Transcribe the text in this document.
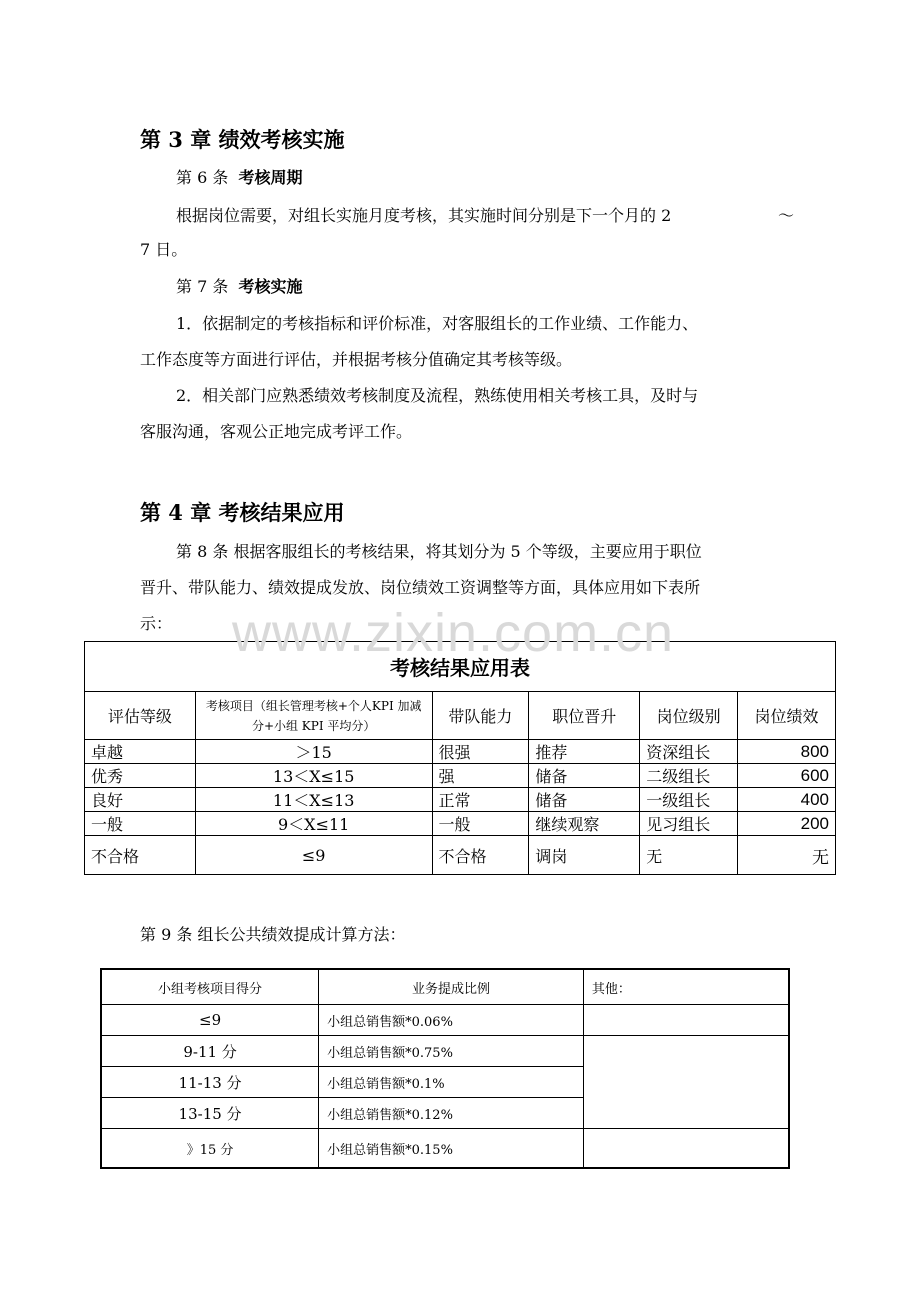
第 3 章 绩效考核实施
第 6 条 考核周期
根据岗位需要，对组长实施月度考核，其实施时间分别是下一个月的 2	～
7 日。
第 7 条 考核实施
1．依据制定的考核指标和评价标准，对客服组长的工作业绩、工作能力、
工作态度等方面进行评估，并根据考核分值确定其考核等级。
2．相关部门应熟悉绩效考核制度及流程，熟练使用相关考核工具，及时与
客服沟通，客观公正地完成考评工作。
第 4 章 考核结果应用
第 8 条 根据客服组长的考核结果，将其划分为 5 个等级，主要应用于职位
晋升、带队能力、绩效提成发放、岗位绩效工资调整等方面，具体应用如下表所
示：
考核结果应用表					
评估等级	考核项目（组长管理考核+个人KPI 加减分+小组 KPI 平均分）	带队能力	职位晋升	岗位级别	岗位绩效
卓越	＞15	很强	推荐	资深组长	800
优秀	13＜X≤15	强	储备	二级组长	600
良好	11＜X≤13	正常	储备	一级组长	400
一般	9＜X≤11	一般	继续观察	见习组长	200
不合格	≤9	不合格	调岗	无	无
第 9 条 组长公共绩效提成计算方法：
小组考核项目得分	业务提成比例	其他：
≤9	小组总销售额*0.06%	
9-11 分	小组总销售额*0.75%	
11-13 分	小组总销售额*0.1%	
13-15 分	小组总销售额*0.12%	
》15 分	小组总销售额*0.15%	
www.zixin.com.cn
